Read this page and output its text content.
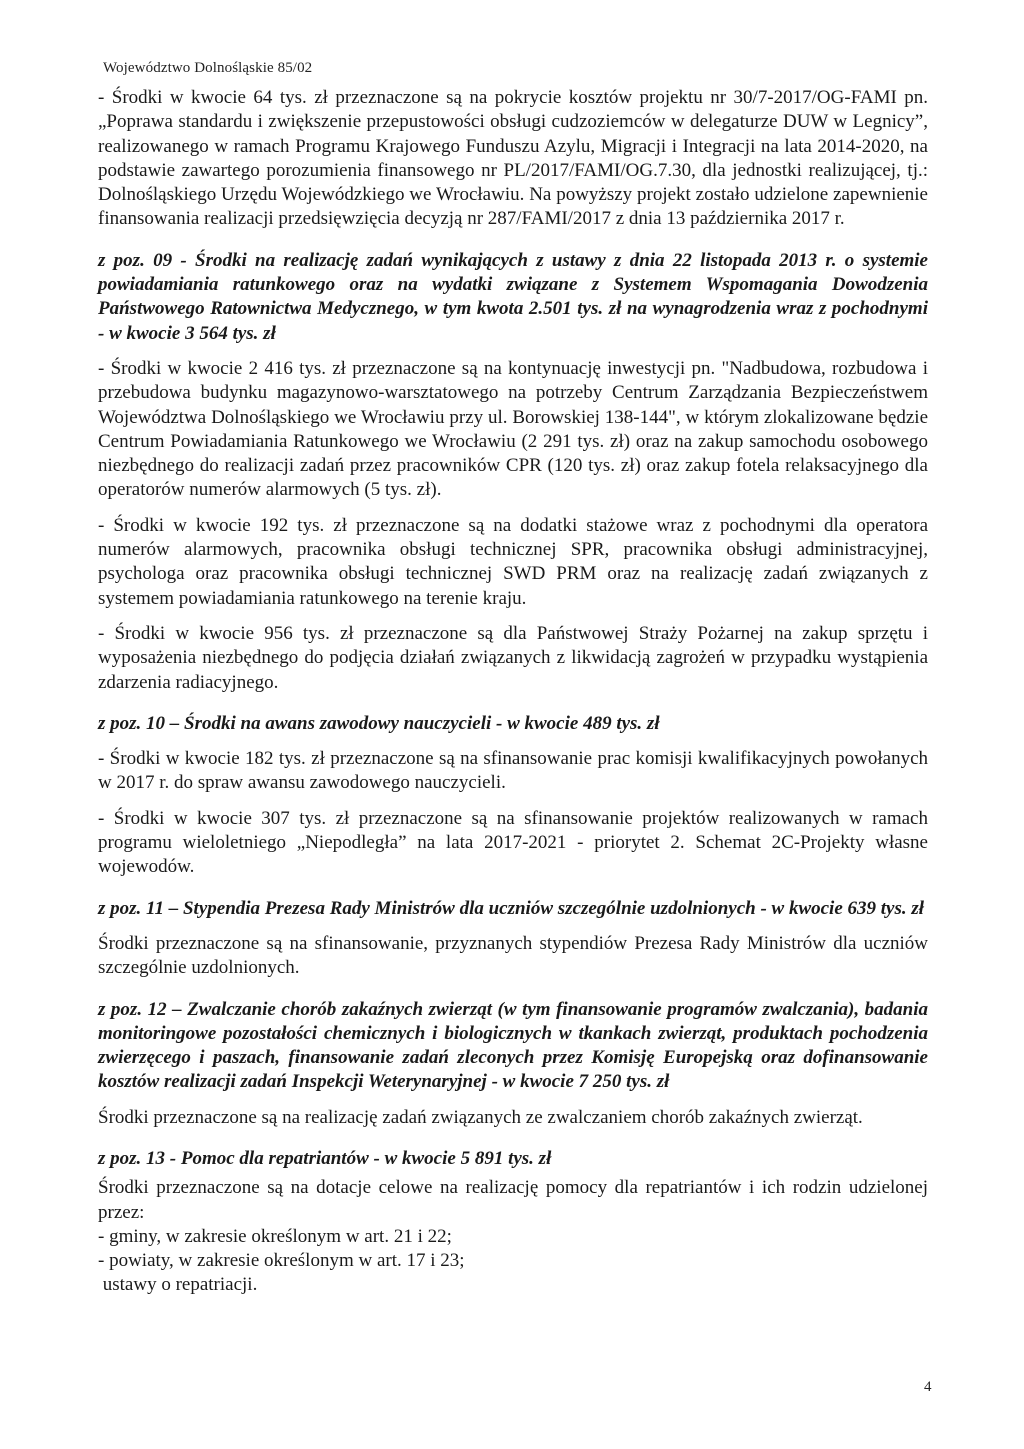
Województwo Dolnośląskie 85/02

- Środki w kwocie 64 tys. zł przeznaczone są na pokrycie kosztów projektu nr 30/7-2017/OG-FAMI pn. „Poprawa standardu i zwiększenie przepustowości obsługi cudzoziemców w delegaturze DUW w Legnicy”, realizowanego w ramach Programu Krajowego Funduszu Azylu, Migracji i Integracji na lata 2014-2020, na podstawie zawartego porozumienia finansowego nr PL/2017/FAMI/OG.7.30, dla jednostki realizującej, tj.: Dolnośląskiego Urzędu Wojewódzkiego we Wrocławiu. Na powyższy projekt zostało udzielone zapewnienie finansowania realizacji przedsięwzięcia decyzją nr 287/FAMI/2017 z dnia 13 października 2017 r.

z poz. 09 - Środki na realizację zadań wynikających z ustawy z dnia 22 listopada 2013 r. o systemie powiadamiania ratunkowego oraz na wydatki związane z Systemem Wspomagania Dowodzenia Państwowego Ratownictwa Medycznego, w tym kwota 2.501 tys. zł na wynagrodzenia wraz z pochodnymi - w kwocie 3 564 tys. zł

- Środki w kwocie 2 416 tys. zł przeznaczone są na kontynuację inwestycji pn. "Nadbudowa, rozbudowa i przebudowa budynku magazynowo-warsztatowego na potrzeby Centrum Zarządzania Bezpieczeństwem Województwa Dolnośląskiego we Wrocławiu przy ul. Borowskiej 138-144", w którym zlokalizowane będzie Centrum Powiadamiania Ratunkowego we Wrocławiu (2 291 tys. zł) oraz na zakup samochodu osobowego niezbędnego do realizacji zadań przez pracowników CPR (120 tys. zł) oraz zakup fotela relaksacyjnego dla operatorów numerów alarmowych (5 tys. zł).

- Środki w kwocie 192 tys. zł przeznaczone są na dodatki stażowe wraz z pochodnymi dla operatora numerów alarmowych, pracownika obsługi technicznej SPR, pracownika obsługi administracyjnej, psychologa oraz pracownika obsługi technicznej SWD PRM oraz na realizację zadań związanych z systemem powiadamiania ratunkowego na terenie kraju.

- Środki w kwocie 956 tys. zł przeznaczone są dla Państwowej Straży Pożarnej na zakup sprzętu i wyposażenia niezbędnego do podjęcia działań związanych z likwidacją zagrożeń w przypadku wystąpienia zdarzenia radiacyjnego.

z poz. 10 – Środki na awans zawodowy nauczycieli - w kwocie 489 tys. zł

- Środki w kwocie 182 tys. zł przeznaczone są na sfinansowanie prac komisji kwalifikacyjnych powołanych w 2017 r. do spraw awansu zawodowego nauczycieli.

- Środki w kwocie 307 tys. zł przeznaczone są na sfinansowanie projektów realizowanych w ramach programu wieloletniego „Niepodległa” na lata 2017-2021 - priorytet 2. Schemat 2C-Projekty własne wojewodów.

z poz. 11 – Stypendia Prezesa Rady Ministrów dla uczniów szczególnie uzdolnionych - w kwocie 639 tys. zł

Środki przeznaczone są na sfinansowanie, przyznanych stypendiów Prezesa Rady Ministrów dla uczniów szczególnie uzdolnionych.

z poz. 12 – Zwalczanie chorób zakaźnych zwierząt (w tym finansowanie programów zwalczania), badania monitoringowe pozostałości chemicznych i biologicznych w tkankach zwierząt, produktach pochodzenia zwierzęcego i paszach, finansowanie zadań zleconych przez Komisję Europejską oraz dofinansowanie kosztów realizacji zadań Inspekcji Weterynaryjnej - w kwocie 7 250 tys. zł

Środki przeznaczone są na realizację zadań związanych ze zwalczaniem chorób zakaźnych zwierząt.

z poz. 13 - Pomoc dla repatriantów - w kwocie 5 891 tys. zł

Środki przeznaczone są na dotacje celowe na realizację pomocy dla repatriantów i ich rodzin udzielonej przez:

- gminy, w zakresie określonym w art. 21 i 22;

- powiaty, w zakresie określonym w art. 17 i 23;

ustawy o repatriacji.

4
